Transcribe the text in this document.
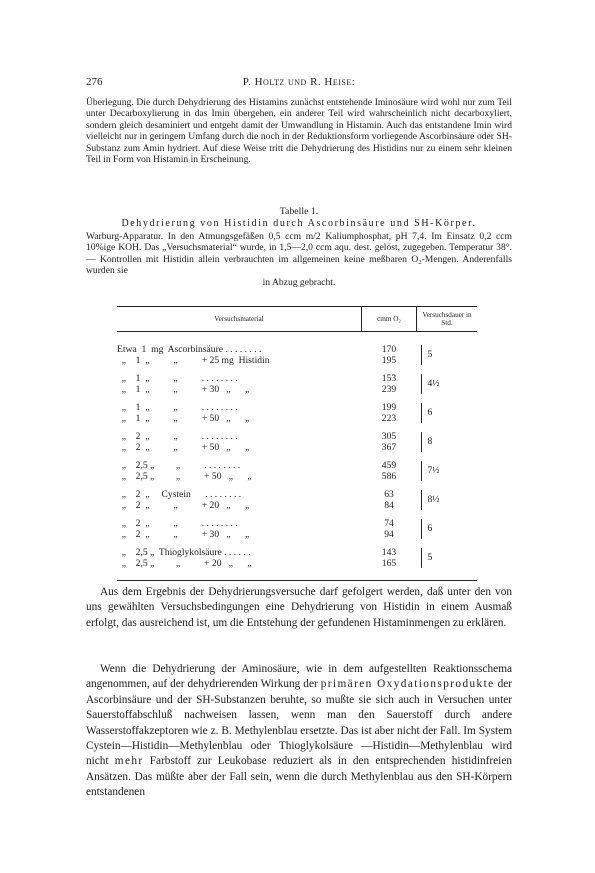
276	P. Holtz und R. Heise:
Überlegung. Die durch Dehydrierung des Histamins zunächst entstehende Iminosäure wird wohl nur zum Teil unter Decarboxylierung in das Imin übergehen, ein anderer Teil wird wahrscheinlich nicht decarboxyliert, sondern gleich desaminiert und entgeht damit der Umwandlung in Histamin. Auch das entstandene Imin wird vielleicht nur in geringem Umfang durch die noch in der Reduktionsform vorliegende Ascorbinsäure oder SH-Substanz zum Amin hydriert. Auf diese Weise tritt die Dehydrierung des Histidins nur zu einem sehr kleinen Teil in Form von Histamin in Erscheinung.
Tabelle 1.
Dehydrierung von Histidin durch Ascorbinsäure und SH-Körper.
Warburg-Apparatur. In den Atmungsgefäßen 0,5 ccm m/2 Kaliumphosphat, pH 7,4. Im Einsatz 0,2 ccm 10%ige KOH. Das „Versuchsmaterial“ wurde, in 1,5—2,0 ccm aqu. dest. gelöst, zugegeben. Temperatur 38°. — Kontrollen mit Histidin allein verbrauchten im allgemeinen keine meßbaren O₂-Mengen. Anderenfalls wurden sie
in Abzug gebracht.
Versuchsmaterial	cmm O₂	Versuchsdauer in Std.

Etwa  1  mg  Ascorbinsäure . . . . . . . .	170	5
„    1  „          „          + 25 mg  Histidin	195	

„    1  „          „          . . . . . . . .	153	4½
„    1  „          „          + 30   „      „	239	

„    1  „          „          . . . . . . . .	199	6
„    1  „          „          + 50   „      „	223	

„    2  „          „          . . . . . . . .	305	8
„    2  „          „          + 50   „      „	367	

„    2,5 „         „          . . . . . . . .	459	7½
„    2,5 „         „          + 50   „      „	586	

„    2  „     Cystein      . . . . . . . .	63	8½
„    2  „          „          + 20   „      „	84	

„    2  „          „          . . . . . . . .	74	6
„    2  „          „          + 30   „      „	94	

„    2,5 „  Thioglykolsäure . . . . . .	143	5
„    2,5 „         „          + 20   „      „	165	
Aus dem Ergebnis der Dehydrierungsversuche darf gefolgert werden, daß unter den von uns gewählten Versuchsbedingungen eine Dehydrierung von Histidin in einem Ausmaß erfolgt, das ausreichend ist, um die Entstehung der gefundenen Histaminmengen zu erklären.
Wenn die Dehydrierung der Aminosäure, wie in dem aufgestellten Reaktionsschema angenommen, auf der dehydrierenden Wirkung der primären Oxydationsprodukte der Ascorbinsäure und der SH-Substanzen beruhte, so mußte sie sich auch in Versuchen unter Sauerstoffabschluß nachweisen lassen, wenn man den Sauerstoff durch andere Wasserstoffakzeptoren wie z. B. Methylenblau ersetzte. Das ist aber nicht der Fall. Im System Cystein—Histidin—Methylenblau oder Thioglykolsäure —Histidin—Methylenblau wird nicht mehr Farbstoff zur Leukobase reduziert als in den entsprechenden histidinfreien Ansätzen. Das müßte aber der Fall sein, wenn die durch Methylenblau aus den SH-Körpern entstandenen
